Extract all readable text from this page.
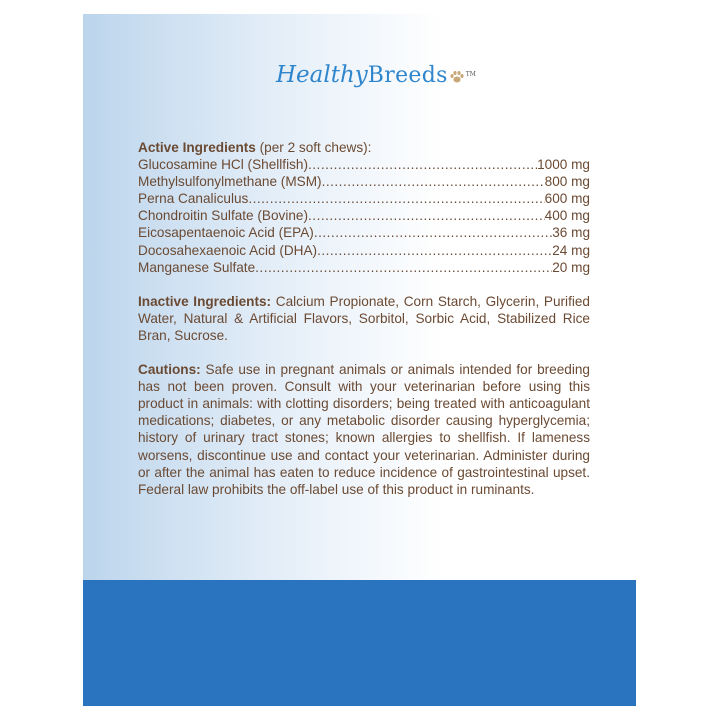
HealthyBreeds	™
Active Ingredients (per 2 soft chews):
Glucosamine HCl (Shellfish) .....	1000 mg
Methylsulfonylmethane (MSM) .....	800 mg
Perna Canaliculus .....	600 mg
Chondroitin Sulfate (Bovine) .....	400 mg
Eicosapentaenoic Acid (EPA) .....	36 mg
Docosahexaenoic Acid (DHA) .....	24 mg
Manganese Sulfate .....	20 mg
Inactive Ingredients: Calcium Propionate, Corn Starch, Glycerin, Purified Water, Natural & Artificial Flavors, Sorbitol, Sorbic Acid, Stabilized Rice Bran, Sucrose.
Cautions: Safe use in pregnant animals or animals intended for breeding has not been proven. Consult with your veterinarian before using this product in animals: with clotting disorders; being treated with anticoagulant medications; diabetes, or any metabolic disorder causing hyperglycemia; history of urinary tract stones; known allergies to shellfish. If lameness worsens, discontinue use and contact your veterinarian. Administer during or after the animal has eaten to reduce incidence of gastrointestinal upset. Federal law prohibits the off-label use of this product in ruminants.
